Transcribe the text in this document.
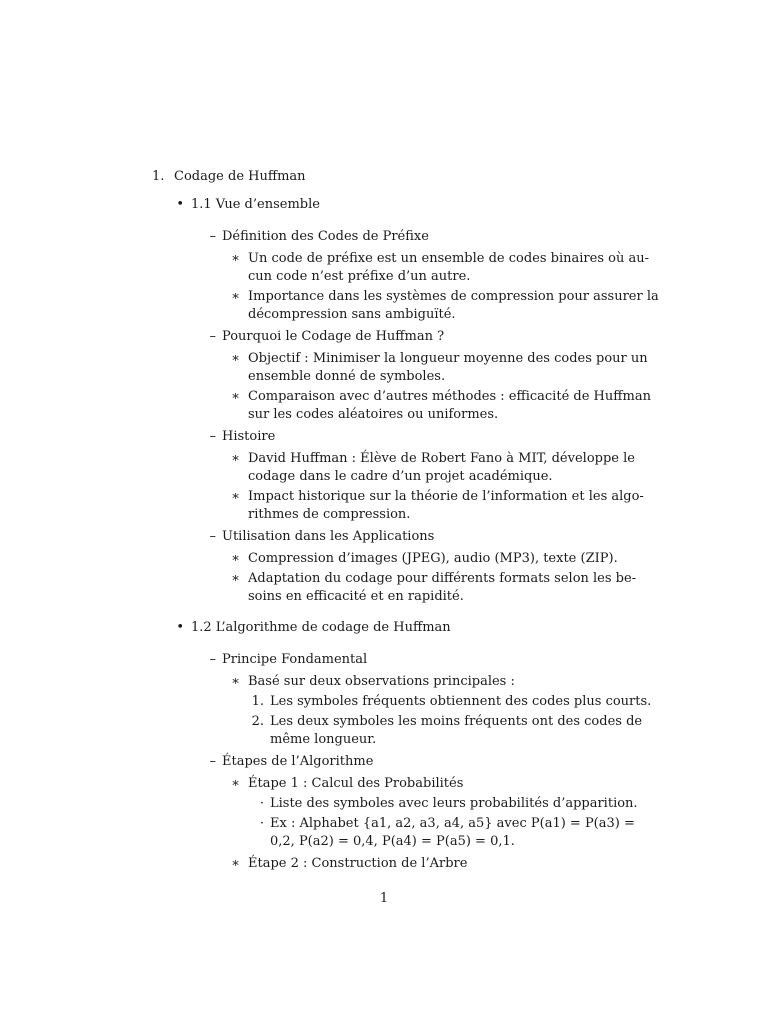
1. Codage de Huffman
• 1.1 Vue d’ensemble
– Définition des Codes de Préfixe
∗ Un code de préfixe est un ensemble de codes binaires où au-
cun code n’est préfixe d’un autre.
∗ Importance dans les systèmes de compression pour assurer la
décompression sans ambiguïté.
– Pourquoi le Codage de Huffman ?
∗ Objectif : Minimiser la longueur moyenne des codes pour un
ensemble donné de symboles.
∗ Comparaison avec d’autres méthodes : efficacité de Huffman
sur les codes aléatoires ou uniformes.
– Histoire
∗ David Huffman : Élève de Robert Fano à MIT, développe le
codage dans le cadre d’un projet académique.
∗ Impact historique sur la théorie de l’information et les algo-
rithmes de compression.
– Utilisation dans les Applications
∗ Compression d’images (JPEG), audio (MP3), texte (ZIP).
∗ Adaptation du codage pour différents formats selon les be-
soins en efficacité et en rapidité.
• 1.2 L’algorithme de codage de Huffman
– Principe Fondamental
∗ Basé sur deux observations principales :
1. Les symboles fréquents obtiennent des codes plus courts.
2. Les deux symboles les moins fréquents ont des codes de
même longueur.
– Étapes de l’Algorithme
∗ Étape 1 : Calcul des Probabilités
· Liste des symboles avec leurs probabilités d’apparition.
· Ex : Alphabet {a1, a2, a3, a4, a5} avec P(a1) = P(a3) =
0,2, P(a2) = 0,4, P(a4) = P(a5) = 0,1.
∗ Étape 2 : Construction de l’Arbre
1
